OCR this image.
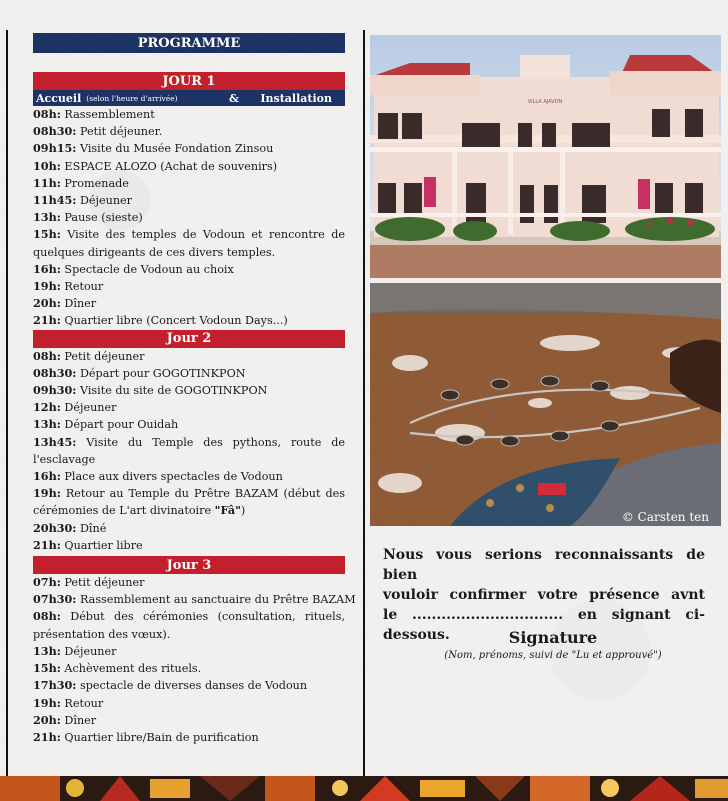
PROGRAMME
JOUR 1
Accueil (selon l'heure d'arrivée)	& Installation
08h: Rassemblement
08h30: Petit déjeuner.
09h15: Visite du Musée Fondation Zinsou
10h: ESPACE ALOZO (Achat de souvenirs)
11h: Promenade
11h45: Déjeuner
13h: Pause (sieste)
15h: Visite des temples de Vodoun et rencontre de
quelques dirigeants de ces divers temples.
16h: Spectacle de Vodoun au choix
19h: Retour
20h: Dîner
21h: Quartier libre (Concert Vodoun Days...)
Jour 2
08h: Petit déjeuner
08h30: Départ pour GOGOTINKPON
09h30: Visite du site de GOGOTINKPON
12h: Déjeuner
13h: Départ pour Ouidah
13h45: Visite du Temple des pythons, route de
l'esclavage
16h: Place aux divers spectacles de Vodoun
19h: Retour au Temple du Prêtre BAZAM (début des
cérémonies de L'art divinatoire "Fâ")
20h30: Dîné
21h: Quartier libre
Jour 3
07h: Petit déjeuner
07h30: Rassemblement au sanctuaire du Prêtre BAZAM
08h: Début des cérémonies (consultation, rituels,
présentation des vœux).
13h: Déjeuner
15h: Achèvement des rituels.
17h30: spectacle de diverses danses de Vodoun
19h: Retour
20h: Dîner
21h: Quartier libre/Bain de purification
VILLA AJAVON
© Carsten ten
Nous vous serions reconnaissants de bien
vouloir confirmer votre présence avnt
le ............................... en signant ci-dessous.	Signature
(Nom, prénoms, suivi de "Lu et approuvé")
